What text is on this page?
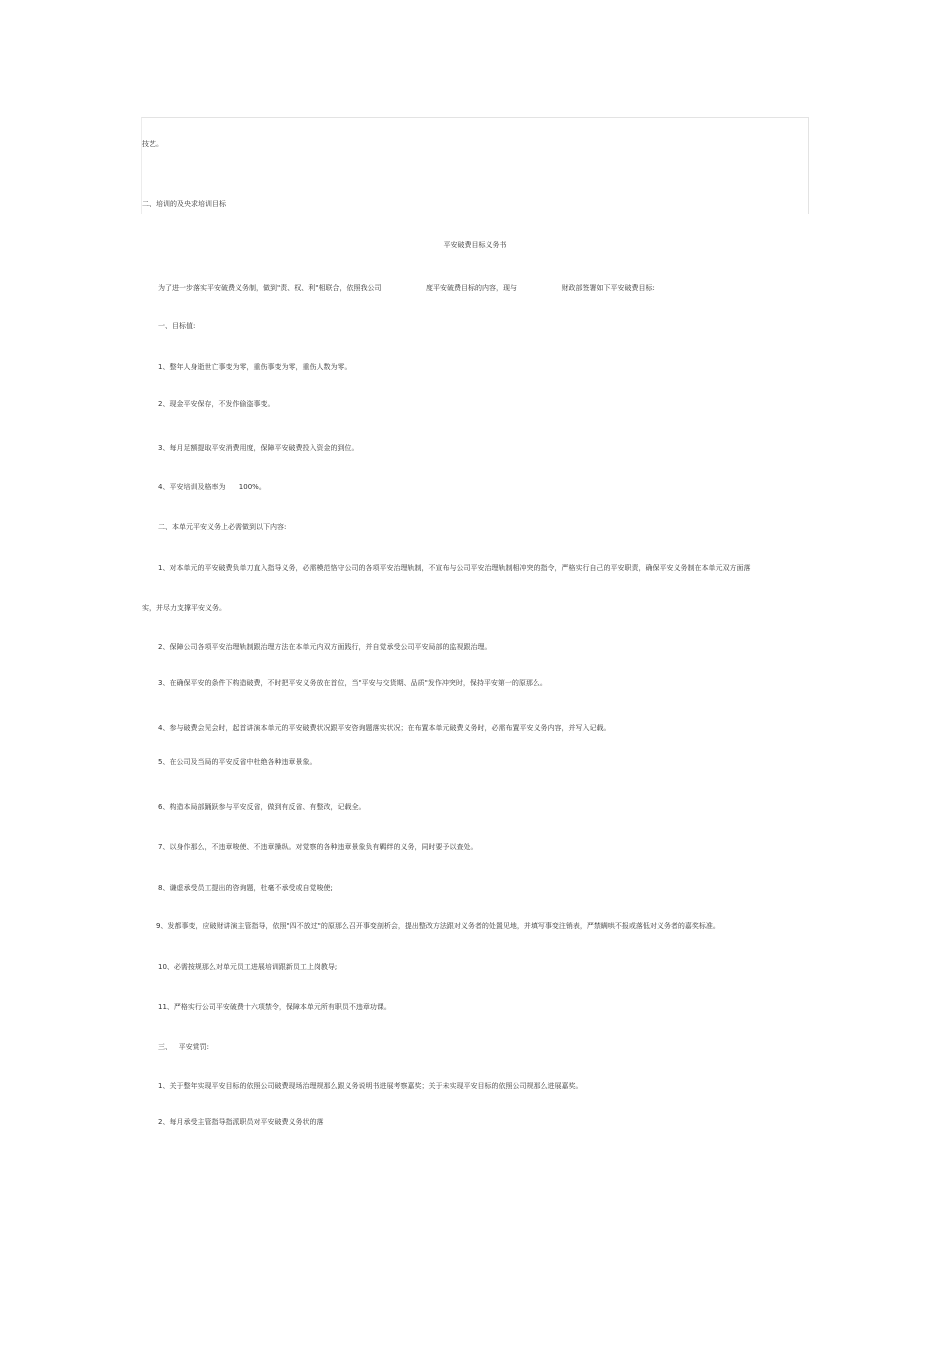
技艺。
二、培训的及央求培训目标
平安破费目标义务书
为了进一步落实平安破费义务制，做到"责、权、利"相联合，依照我公司                    度平安破费目标的内容，现与                    财政部签署如下平安破费目标:
一、目标值:
1、整年人身逝世亡事变为零，重伤事变为零，重伤人数为零。
2、现金平安保存，不发作偷盗事变。
3、每月足额提取平安消费用度，保障平安破费投入资金的到位。
4、平安培训及格率为      100%。
二、本单元平安义务上必需做到以下内容:
1、对本单元的平安破费负单刀直入指导义务，必需模范恪守公司的各项平安治理轨制，不宣布与公司平安治理轨制相冲突的指令，严格实行自己的平安职责，确保平安义务制在本单元双方面落
实，并尽力支撑平安义务。
2、保障公司各项平安治理轨制跟治理方法在本单元内双方面践行，并自觉承受公司平安局部的监视跟治理。
3、在确保平安的条件下构造破费，不时把平安义务放在首位，当"平安与交货期、品质"发作冲突时，保持平安第一的原那么。
4、参与破费会见会时，起首讲演本单元的平安破费状况跟平安咨询题落实状况；在布置本单元破费义务时，必需布置平安义务内容，并写入记载。
5、在公司及当局的平安反省中杜绝各种违章景象。
6、构造本局部踊跃参与平安反省，做到有反省、有整改，记载全。
7、以身作那么，不违章唆使、不违章操纵。对觉察的各种违章景象负有羁绊的义务，同时要予以查处。
8、谦虚承受员工提出的咨询题，杜毫不承受或自觉唆使;
9、发都事变，应破财讲演主管指导，依照"四不放过"的原那么召开事变剖析会，提出整改方法跟对义务者的处置见地，并填写事变注销表，严禁瞒哄不报或落低对义务者的嘉奖标准。
10、必需按规那么对单元员工进展培训跟新员工上岗教导;
11、严格实行公司平安破费十六项禁令，保障本单元所有职员不违章功课。
三、   平安赏罚:
1、关于整年实现平安目标的依照公司破费现场治理规那么跟义务说明书进展考察嘉奖；关于未实现平安目标的依照公司规那么进展嘉奖。
2、每月承受主管指导指派职员对平安破费义务状的落
